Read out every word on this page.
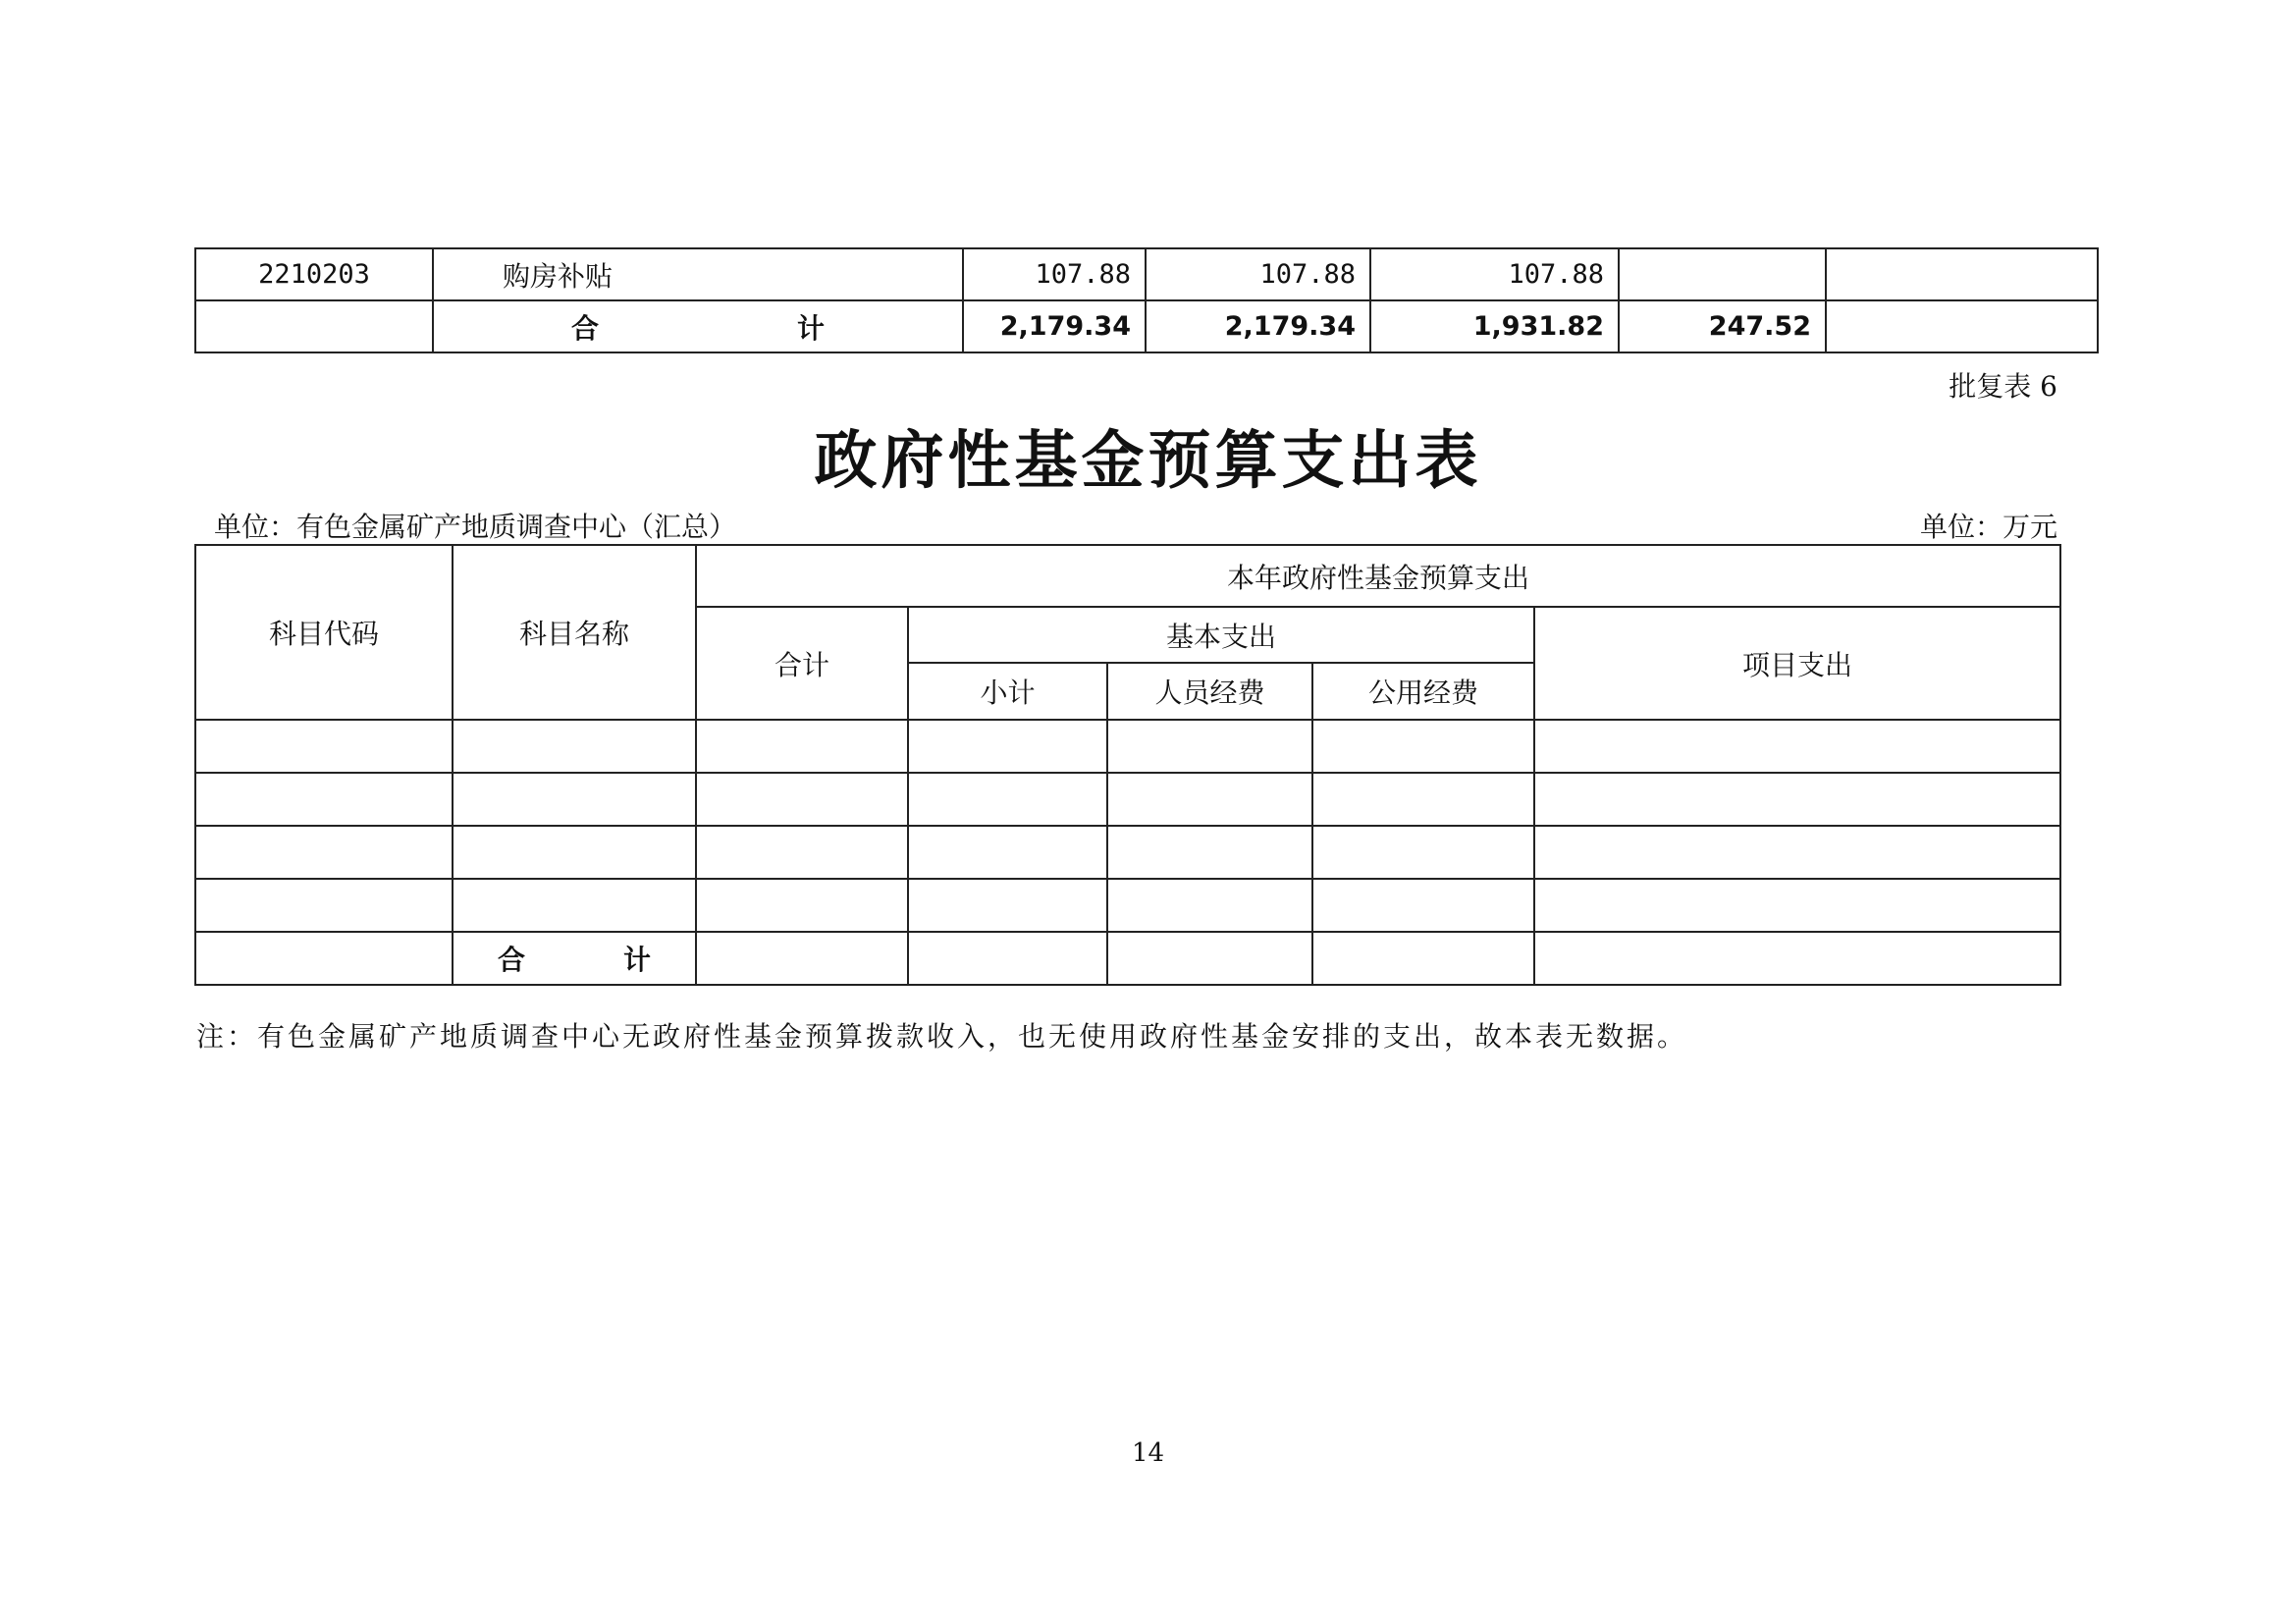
2210203	购房补贴	107.88	107.88	107.88		

	合 计	2,179.34	2,179.34	1,931.82	247.52	
批复表 6
政府性基金预算支出表
单位：有色金属矿产地质调查中心（汇总）	单位：万元
科目代码	科目名称	本年政府性基金预算支出				
		合计	基本支出			项目支出
			小计	人员经费	公用经费	

	合 计					

注：有色金属矿产地质调查中心无政府性基金预算拨款收入，也无使用政府性基金安排的支出，故本表无数据。
14
